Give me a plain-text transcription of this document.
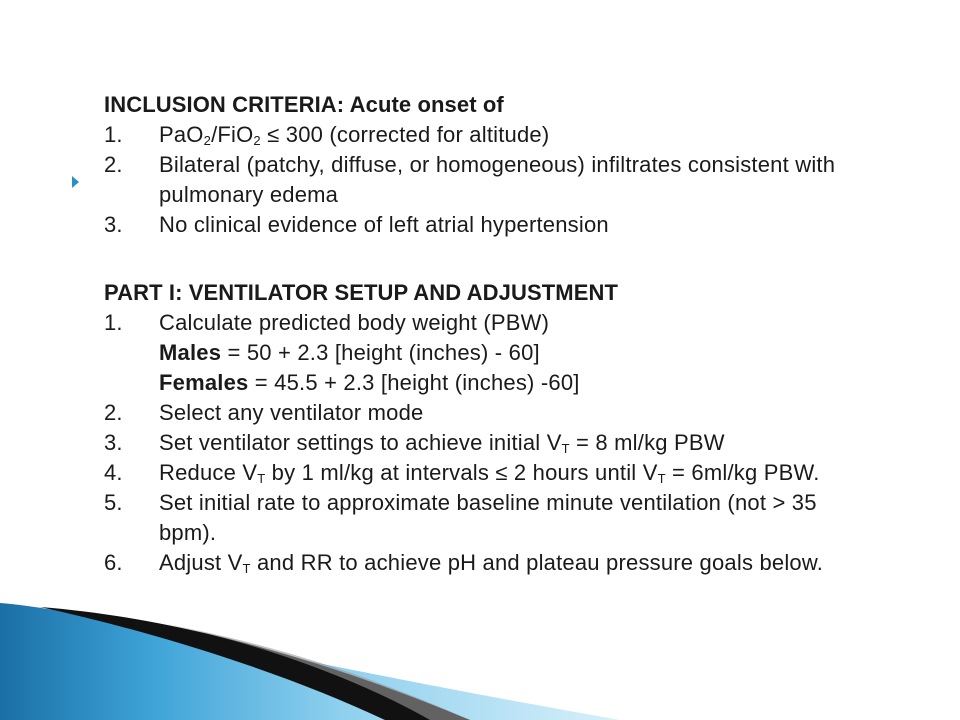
INCLUSION CRITERIA: Acute onset of
1.	PaO$_2$/FiO$_2$ ≤ 300 (corrected for altitude)
2.	Bilateral (patchy, diffuse, or homogeneous) infiltrates consistent with
pulmonary edema
3.	No clinical evidence of left atrial hypertension
PART I: VENTILATOR SETUP AND ADJUSTMENT
1.	Calculate predicted body weight (PBW)
Males = 50 + 2.3 [height (inches) - 60]
Females = 45.5 + 2.3 [height (inches) -60]
2.	Select any ventilator mode
3.	Set ventilator settings to achieve initial $V_T = 8$ ml/kg PBW
4.	Reduce $V_T$ by 1 ml/kg at intervals ≤ 2 hours until $V_T = 6ml/kg$ PBW.
5.	Set initial rate to approximate baseline minute ventilation (not > 35
bpm).
6.	Adjust $V_T$ and RR to achieve pH and plateau pressure goals below.
